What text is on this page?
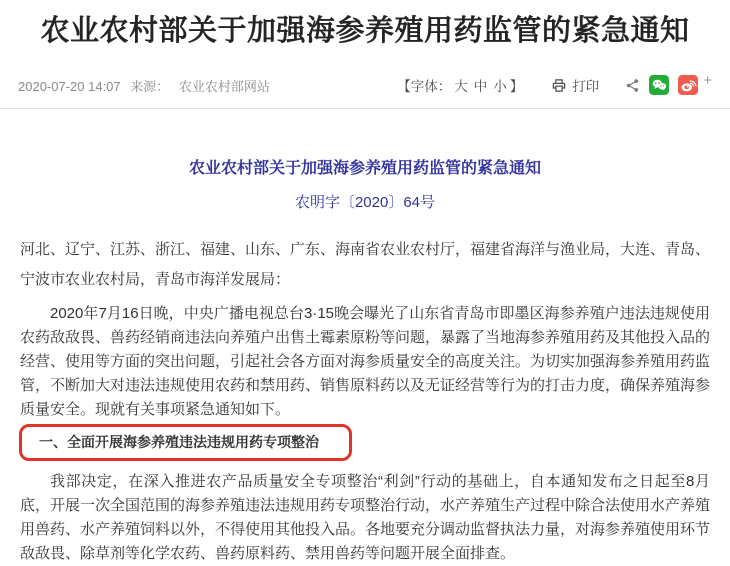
农业农村部关于加强海参养殖用药监管的紧急通知
2020-07-20 14:07 来源： 农业农村部网站	【字体： 大 中 小 】	打印	+
农业农村部关于加强海参养殖用药监管的紧急通知
农明字〔2020〕64号

河北、辽宁、江苏、浙江、福建、山东、广东、海南省农业农村厅，福建省海洋与渔业局，大连、青岛、宁波市农业农村局，青岛市海洋发展局：

2020年7月16日晚，中央广播电视总台3·15晚会曝光了山东省青岛市即墨区海参养殖户违法违规使用农药敌敌畏、兽药经销商违法向养殖户出售土霉素原粉等问题，暴露了当地海参养殖用药及其他投入品的经营、使用等方面的突出问题，引起社会各方面对海参质量安全的高度关注。为切实加强海参养殖用药监管，不断加大对违法违规使用农药和禁用药、销售原料药以及无证经营等行为的打击力度，确保养殖海参质量安全。现就有关事项紧急通知如下。

一、全面开展海参养殖违法违规用药专项整治

我部决定，在深入推进农产品质量安全专项整治“利剑”行动的基础上，自本通知发布之日起至8月底，开展一次全国范围的海参养殖违法违规用药专项整治行动，水产养殖生产过程中除合法使用水产养殖用兽药、水产养殖饲料以外，不得使用其他投入品。各地要充分调动监督执法力量，对海参养殖使用环节敌敌畏、除草剂等化学农药、兽药原料药、禁用兽药等问题开展全面排查。
